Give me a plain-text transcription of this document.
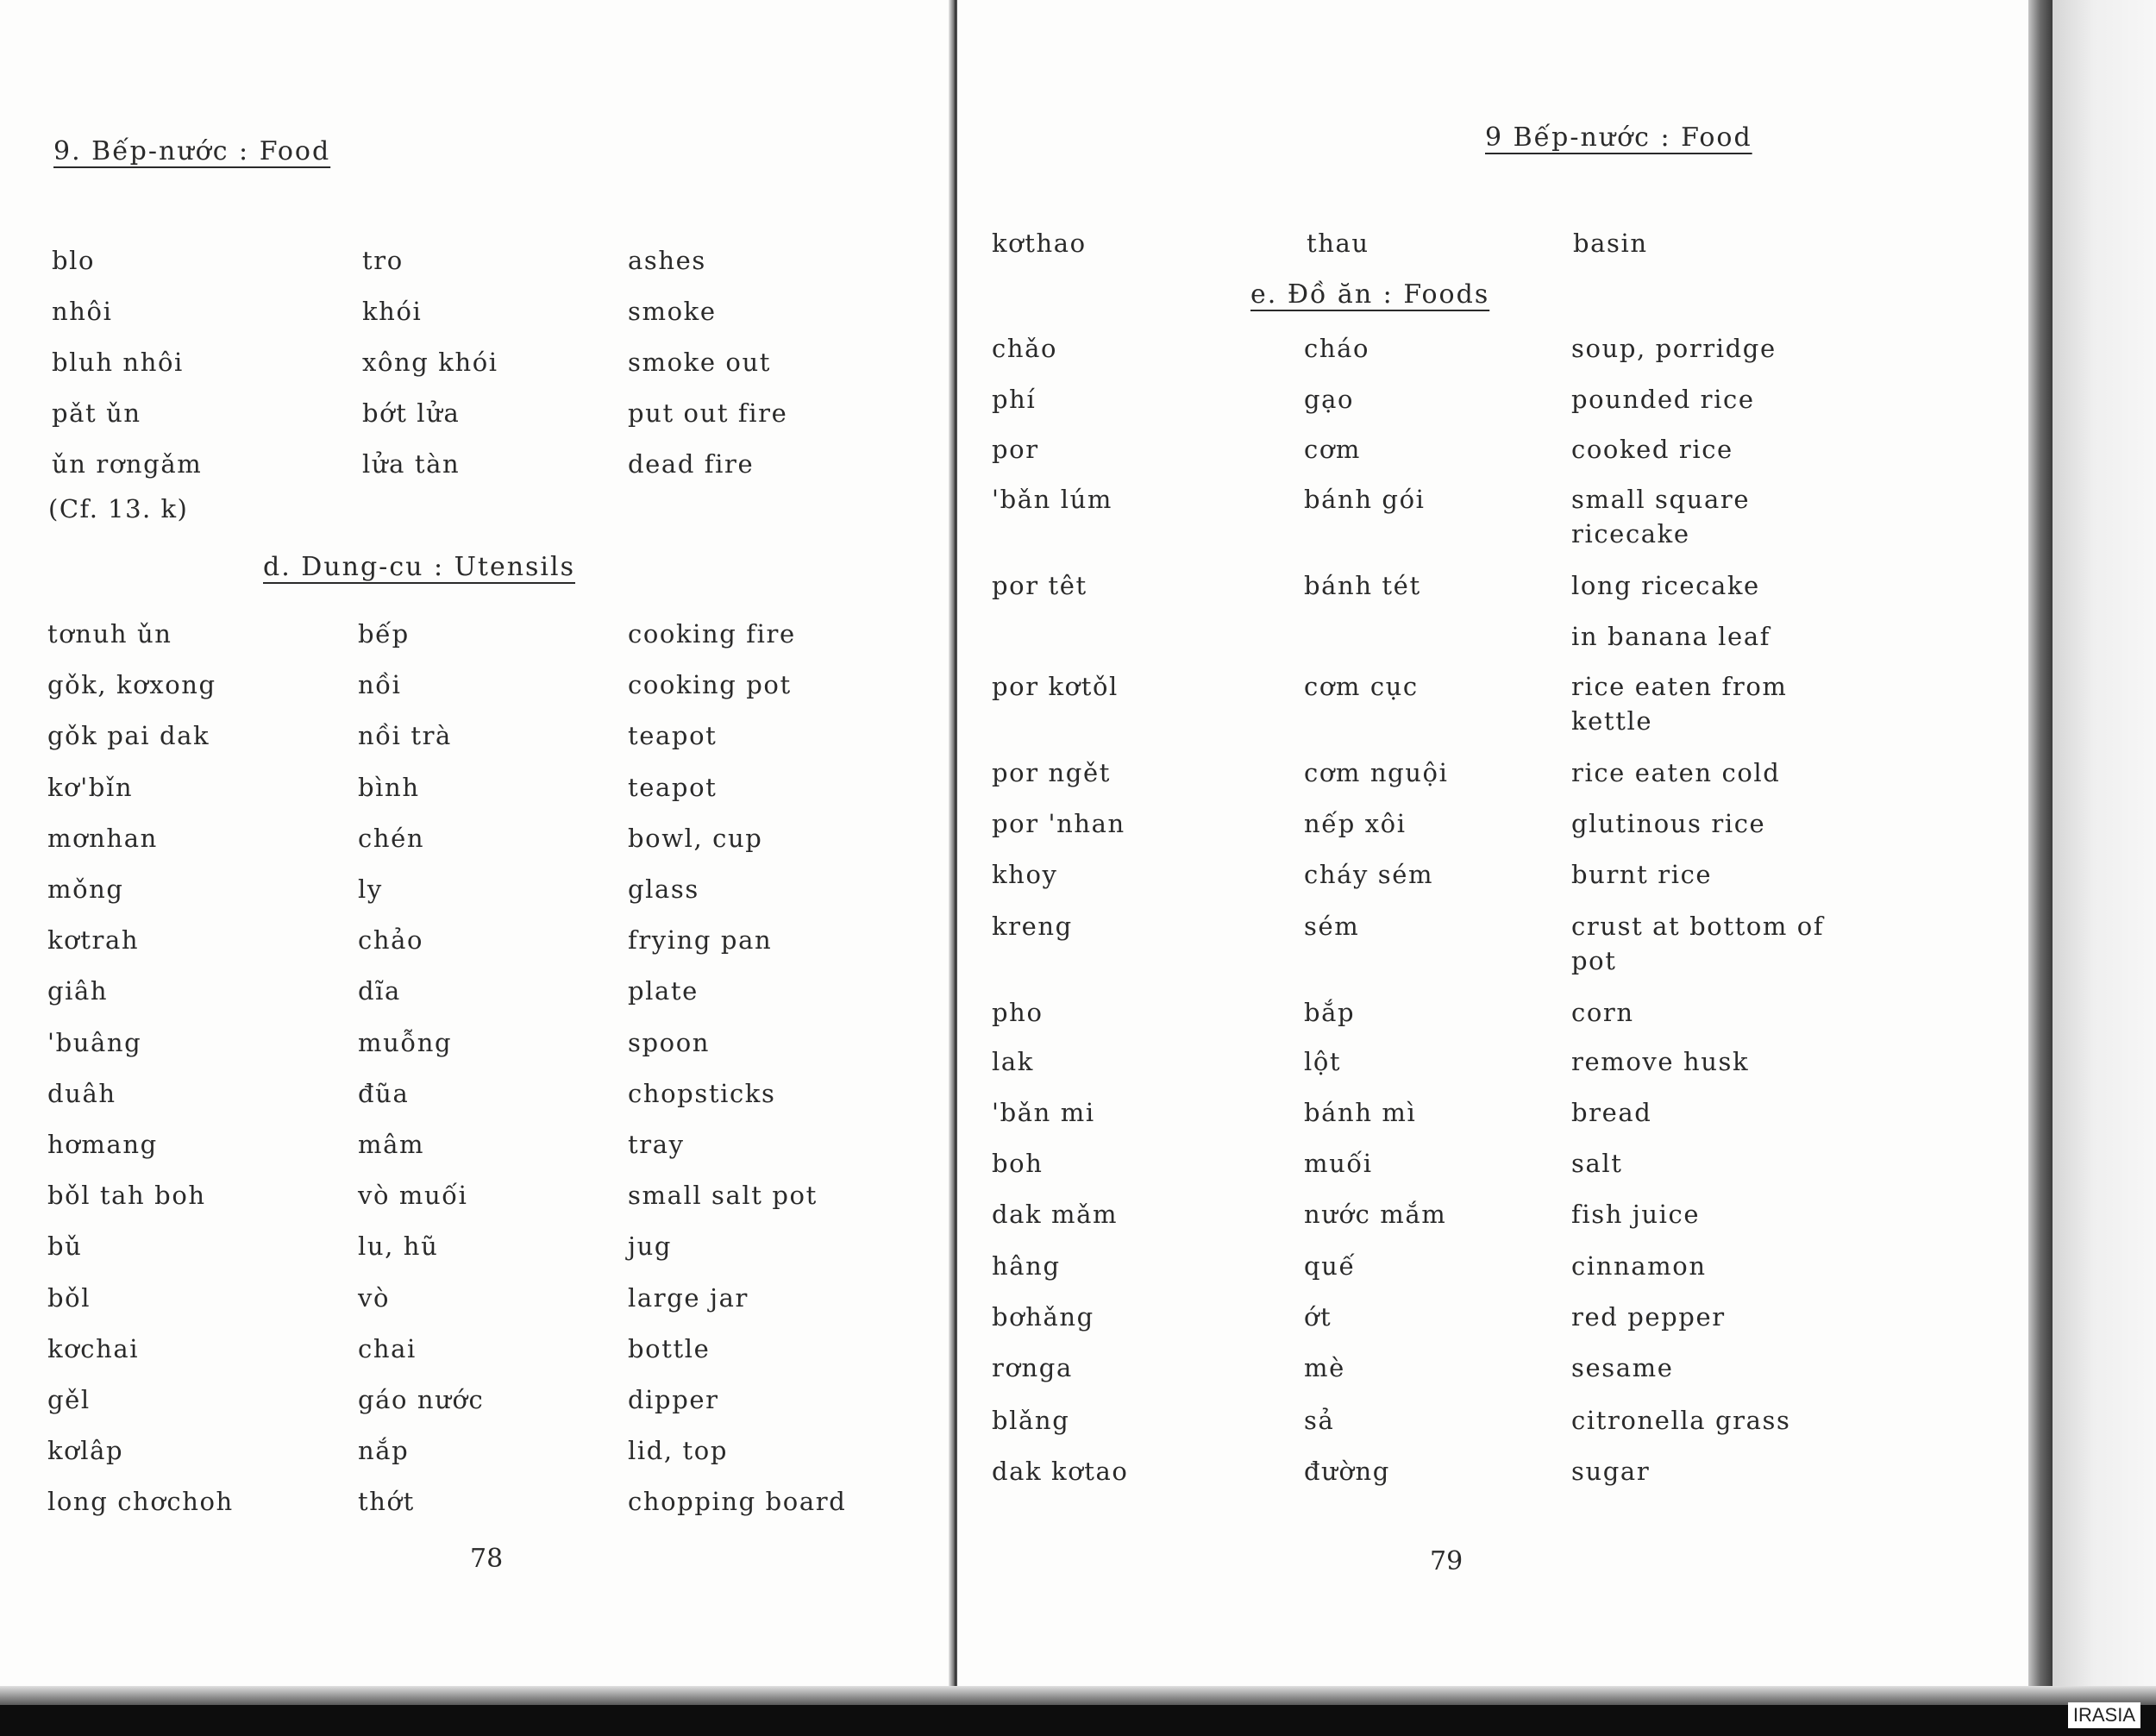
9. Bếp-nước : Food
blo	tro	ashes
nhôi	khói	smoke
bluh nhôi	xông khói	smoke out
pǎt ǔn	bớt lửa	put out fire
ǔn rơngǎm	lửa tàn	dead fire
(Cf. 13. k)
d. Dung-cu : Utensils
tơnuh ǔn	bếp	cooking fire
gǒk, kơxong	nồi	cooking pot
gǒk pai dak	nồi trà	teapot
kơ'bǐn	bình	teapot
mơnhan	chén	bowl, cup
mǒng	ly	glass
kơtrah	chảo	frying pan
giâh	dĩa	plate
'buâng	muỗng	spoon
duâh	đũa	chopsticks
hơmang	mâm	tray
bǒl tah boh	vò muối	small salt pot
bǔ	lu, hũ	jug
bǒl	vò	large jar
kơchai	chai	bottle
gěl	gáo nước	dipper
kơlâp	nắp	lid, top
long chơchoh	thớt	chopping board
78
9 Bếp-nước : Food
kơthao	thau	basin
e. Đồ ăn : Foods
chǎo	cháo	soup, porridge
phí	gạo	pounded rice
por	cơm	cooked rice
'bǎn lúm	bánh gói	small square ricecake
por têt	bánh tét	long ricecake
in banana leaf
por kơtǒl	cơm cục	rice eaten from kettle
por ngět	cơm nguội	rice eaten cold
por 'nhan	nếp xôi	glutinous rice
khoy	cháy sém	burnt rice
kreng	sém	crust at bottom of pot
pho	bắp	corn
lak	lột	remove husk
'bǎn mi	bánh mì	bread
boh	muối	salt
dak mǎm	nước mắm	fish juice
hâng	quế	cinnamon
bơhǎng	ớt	red pepper
rơnga	mè	sesame
blǎng	sả	citronella grass
dak kơtao	đường	sugar
79
IRASIA
